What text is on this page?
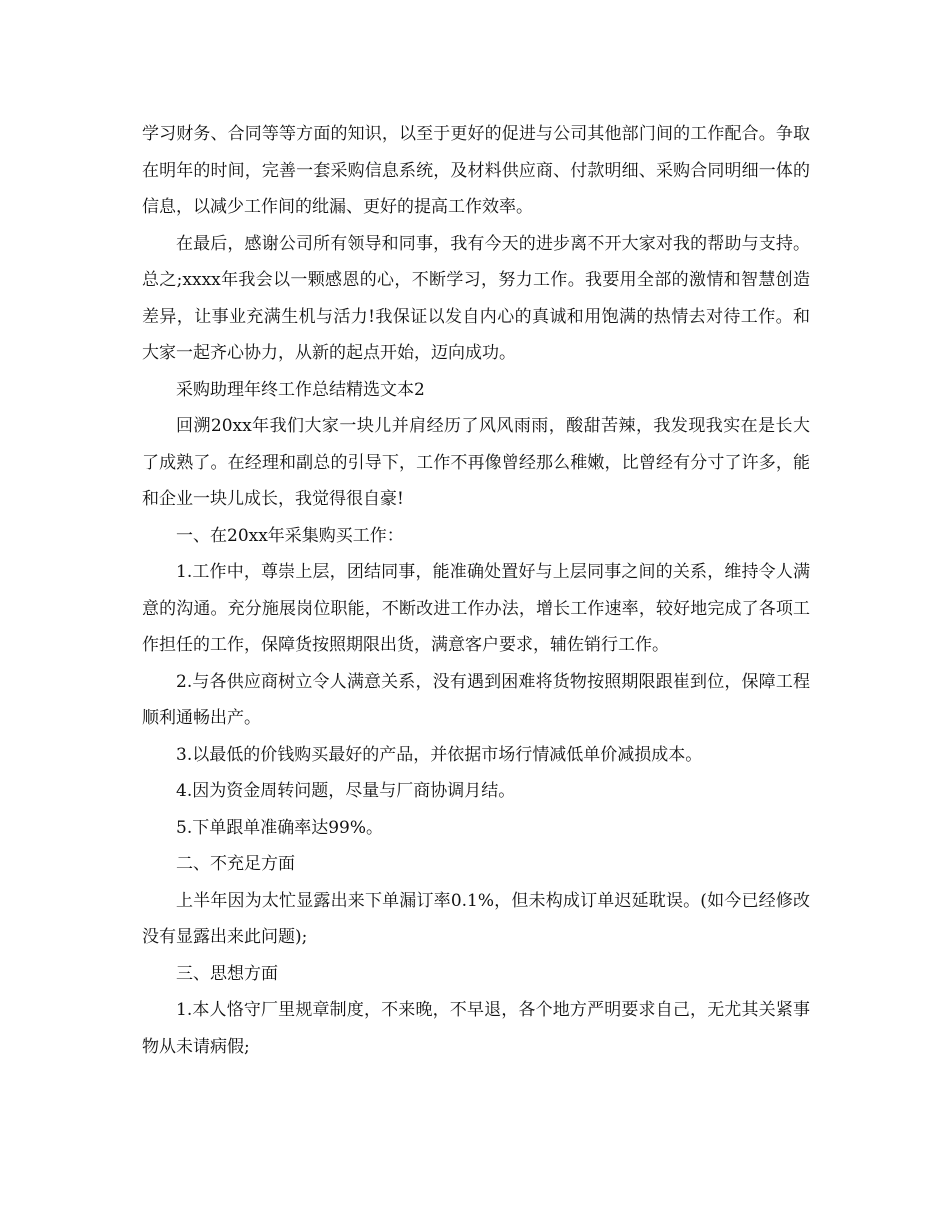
学习财务、合同等等方面的知识，以至于更好的促进与公司其他部门间的工作配合。争取在明年的时间，完善一套采购信息系统，及材料供应商、付款明细、采购合同明细一体的信息，以减少工作间的纰漏、更好的提高工作效率。

在最后，感谢公司所有领导和同事，我有今天的进步离不开大家对我的帮助与支持。总之;xxxx年我会以一颗感恩的心，不断学习，努力工作。我要用全部的激情和智慧创造差异，让事业充满生机与活力!我保证以发自内心的真诚和用饱满的热情去对待工作。和大家一起齐心协力，从新的起点开始，迈向成功。

采购助理年终工作总结精选文本2

回溯20xx年我们大家一块儿并肩经历了风风雨雨，酸甜苦辣，我发现我实在是长大了成熟了。在经理和副总的引导下，工作不再像曾经那么稚嫩，比曾经有分寸了许多，能和企业一块儿成长，我觉得很自豪!

一、在20xx年采集购买工作：

1.工作中，尊崇上层，团结同事，能准确处置好与上层同事之间的关系，维持令人满意的沟通。充分施展岗位职能，不断改进工作办法，增长工作速率，较好地完成了各项工作担任的工作，保障货按照期限出货，满意客户要求，辅佐销行工作。

2.与各供应商树立令人满意关系，没有遇到困难将货物按照期限跟崔到位，保障工程顺利通畅出产。

3.以最低的价钱购买最好的产品，并依据市场行情减低单价减损成本。

4.因为资金周转问题，尽量与厂商协调月结。

5.下单跟单准确率达99%。

二、不充足方面

上半年因为太忙显露出来下单漏订率0.1%，但未构成订单迟延耽误。(如今已经修改没有显露出来此问题);

三、思想方面

1.本人恪守厂里规章制度，不来晚，不早退，各个地方严明要求自己，无尤其关紧事物从未请病假;
